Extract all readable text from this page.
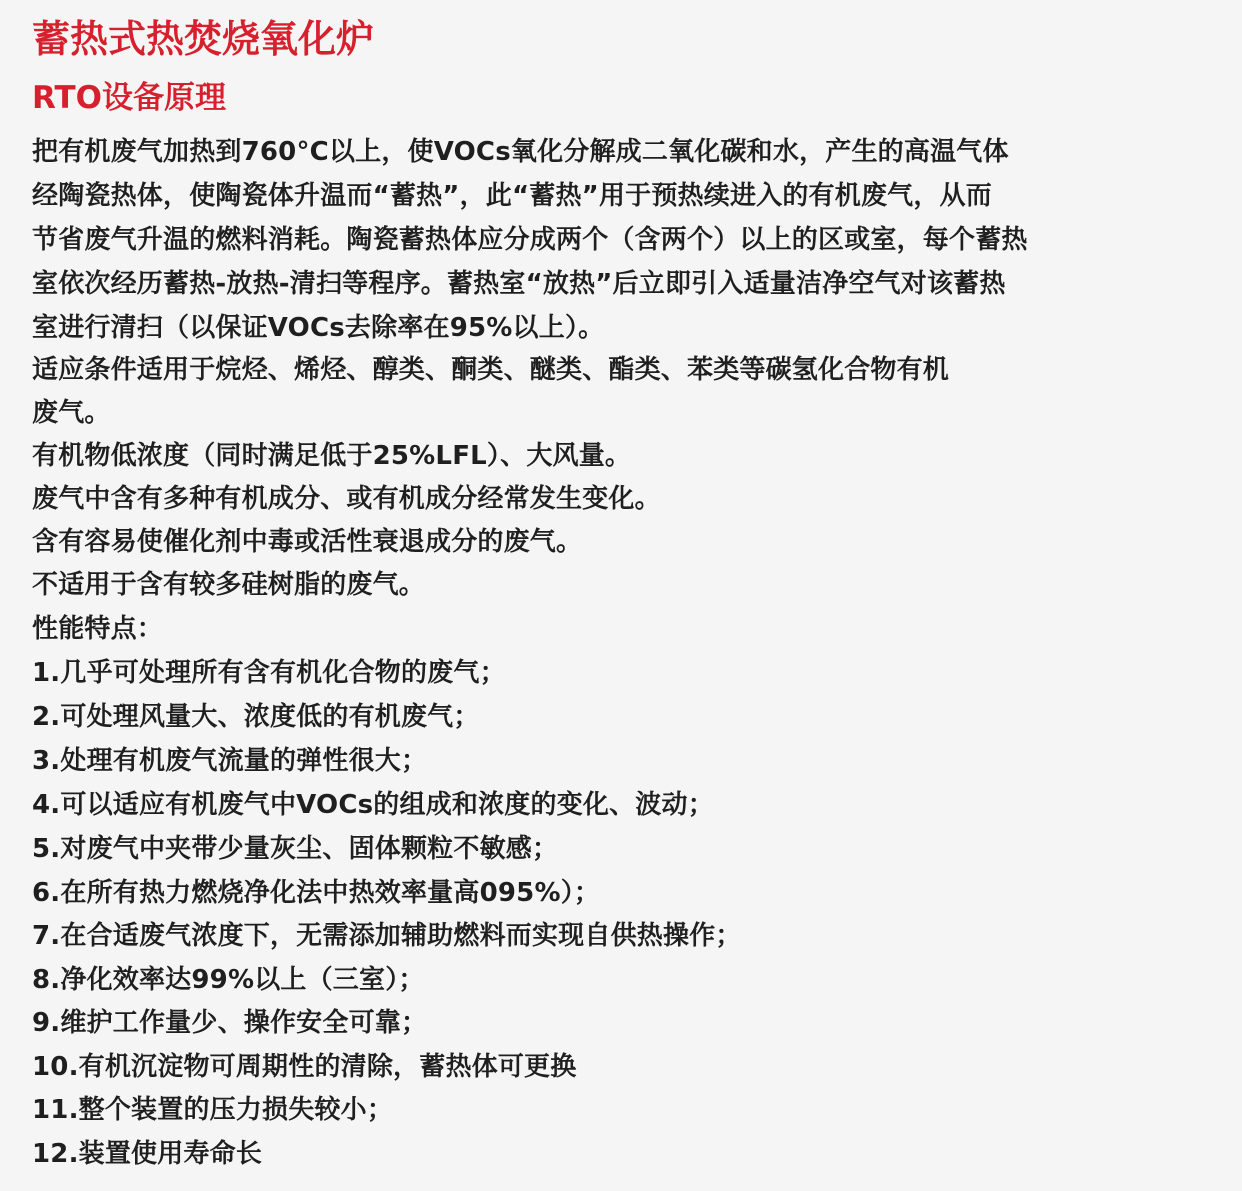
蓄热式热焚烧氧化炉
RTO设备原理

把有机废气加热到760°C以上，使VOCs氧化分解成二氧化碳和水，产生的高温气体

经陶瓷热体，使陶瓷体升温而“蓄热”，此“蓄热”用于预热续进入的有机废气，从而

节省废气升温的燃料消耗。陶瓷蓄热体应分成两个（含两个）以上的区或室，每个蓄热

室依次经历蓄热-放热-清扫等程序。蓄热室“放热”后立即引入适量洁净空气对该蓄热

室进行清扫（以保证VOCs去除率在95%以上）。

适应条件适用于烷烃、烯烃、醇类、酮类、醚类、酯类、苯类等碳氢化合物有机

废气。

有机物低浓度（同时满足低于25%LFL）、大风量。

废气中含有多种有机成分、或有机成分经常发生变化。

含有容易使催化剂中毒或活性衰退成分的废气。

不适用于含有较多硅树脂的废气。

性能特点：

1.几乎可处理所有含有机化合物的废气；

2.可处理风量大、浓度低的有机废气；

3.处理有机废气流量的弹性很大；

4.可以适应有机废气中VOCs的组成和浓度的变化、波动；

5.对废气中夹带少量灰尘、固体颗粒不敏感；

6.在所有热力燃烧净化法中热效率量高095%）；

7.在合适废气浓度下，无需添加辅助燃料而实现自供热操作；

8.净化效率达99%以上（三室）；

9.维护工作量少、操作安全可靠；

10.有机沉淀物可周期性的清除，蓄热体可更换

11.整个装置的压力损失较小；

12.装置使用寿命长
